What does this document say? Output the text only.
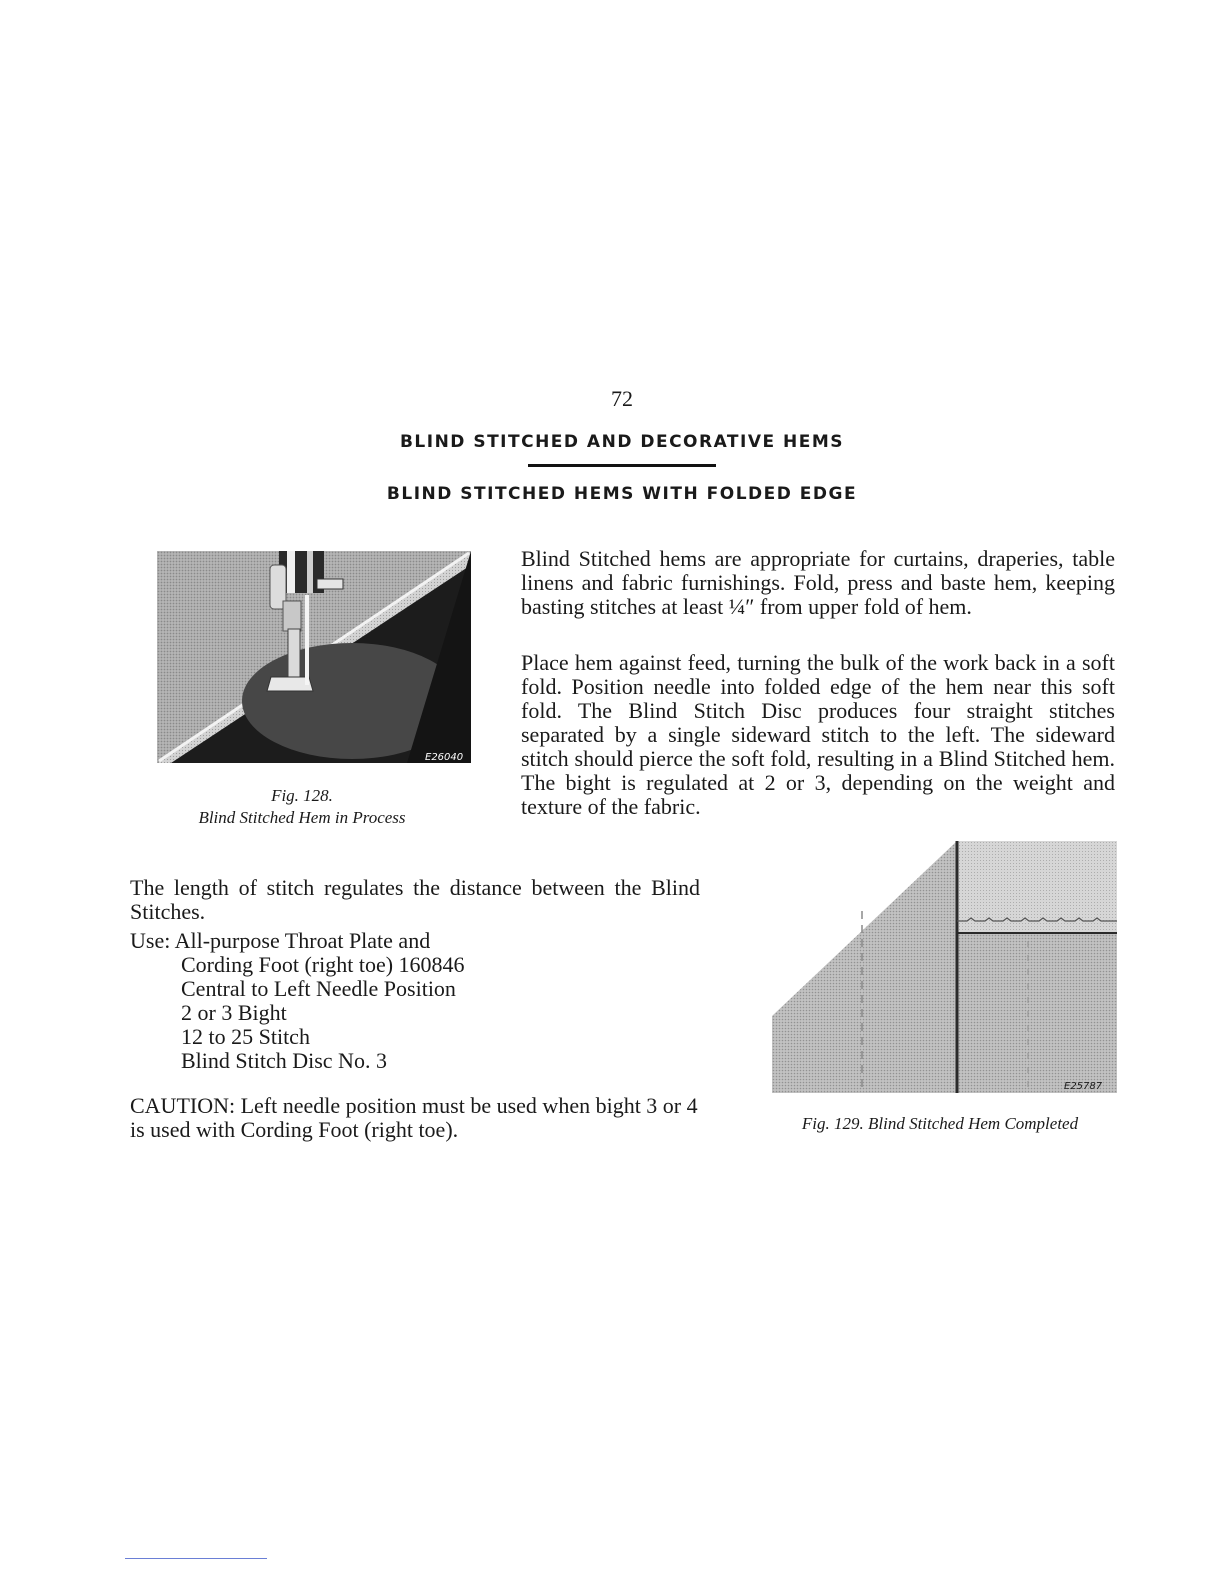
72
BLIND STITCHED AND DECORATIVE HEMS
BLIND STITCHED HEMS WITH FOLDED EDGE
E26040
Fig. 128.
Blind Stitched Hem in Process

Blind Stitched hems are appropriate for curtains, draperies, table linens and fabric furnishings. Fold, press and baste hem, keeping basting stitches at least ¼″ from upper fold of hem.

Place hem against feed, turning the bulk of the work back in a soft fold. Position needle into folded edge of the hem near this soft fold. The Blind Stitch Disc produces four straight stitches separated by a single sideward stitch to the left. The sideward stitch should pierce the soft fold, resulting in a Blind Stitched hem. The bight is regulated at 2 or 3, depending on the weight and texture of the fabric.

The length of stitch regulates the distance between the Blind Stitches.

Use: All-purpose Throat Plate and
Cording Foot (right toe) 160846
Central to Left Needle Position
2 or 3 Bight
12 to 25 Stitch
Blind Stitch Disc No. 3
CAUTION: Left needle position must be used when bight 3 or 4 is used with Cording Foot (right toe).
E25787
Fig. 129. Blind Stitched Hem Completed
